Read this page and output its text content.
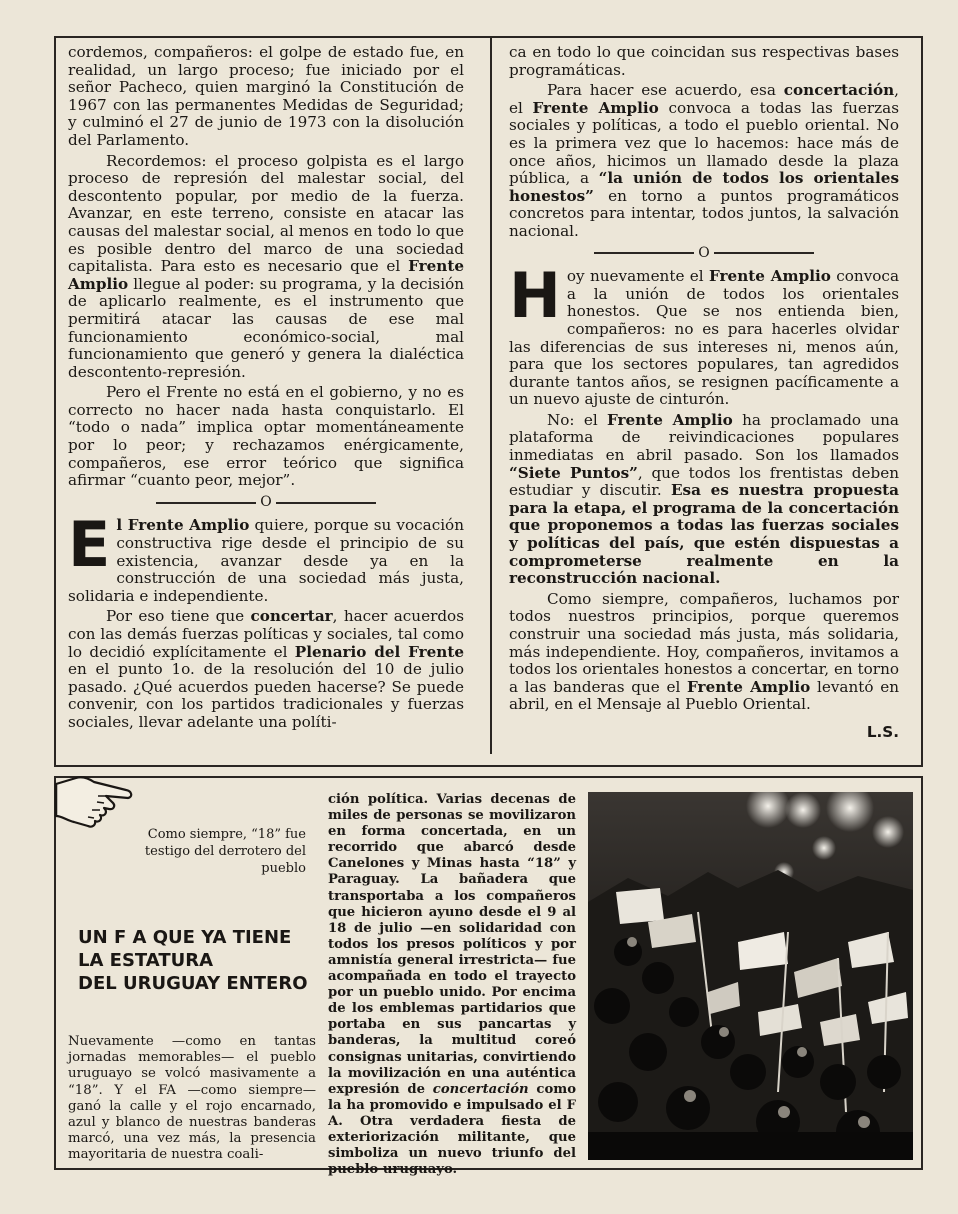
cordemos, compañeros: el golpe de estado fue, en realidad, un largo proceso; fue iniciado por el señor Pacheco, quien marginó la Constitución de 1967 con las permanentes Medidas de Seguridad; y culminó el 27 de junio de 1973 con la disolución del Parlamento.

Recordemos: el proceso golpista es el largo proceso de represión del malestar social, del descontento popular, por medio de la fuerza. Avanzar, en este terreno, consiste en atacar las causas del malestar social, al menos en todo lo que es posible dentro del marco de una sociedad capitalista. Para esto es necesario que el Frente Amplio llegue al poder: su programa, y la decisión de aplicarlo realmente, es el instrumento que permitirá atacar las causas de ese mal funcionamiento económico-social, mal funcionamiento que generó y genera la dialéctica descontento-represión.

Pero el Frente no está en el gobierno, y no es correcto no hacer nada hasta conquistarlo. El “todo o nada” implica optar momentáneamente por lo peor; y rechazamos enérgicamente, compañeros, ese error teórico que significa afirmar “cuanto peor, mejor”.

O

El Frente Amplio quiere, porque su vocación constructiva rige desde el principio de su existencia, avanzar desde ya en la construcción de una sociedad más justa, solidaria e independiente.

Por eso tiene que concertar, hacer acuerdos con las demás fuerzas políticas y sociales, tal como lo decidió explícitamente el Plenario del Frente en el punto 1o. de la resolución del 10 de julio pasado. ¿Qué acuerdos pueden hacerse? Se puede convenir, con los partidos tradicionales y fuerzas sociales, llevar adelante una políti-

ca en todo lo que coincidan sus respectivas bases programáticas.

Para hacer ese acuerdo, esa concertación, el Frente Amplio convoca a todas las fuerzas sociales y políticas, a todo el pueblo oriental. No es la primera vez que lo hacemos: hace más de once años, hicimos un llamado desde la plaza pública, a “la unión de todos los orientales honestos” en torno a puntos programáticos concretos para intentar, todos juntos, la salvación nacional.

O

Hoy nuevamente el Frente Amplio convoca a la unión de todos los orientales honestos. Que se nos entienda bien, compañeros: no es para hacerles olvidar las diferencias de sus intereses ni, menos aún, para que los sectores populares, tan agredidos durante tantos años, se resignen pacíficamente a un nuevo ajuste de cinturón.

No: el Frente Amplio ha proclamado una plataforma de reivindicaciones populares inmediatas en abril pasado. Son los llamados “Siete Puntos”, que todos los frentistas deben estudiar y discutir. Esa es nuestra propuesta para la etapa, el programa de la concertación que proponemos a todas las fuerzas sociales y políticas del país, que estén dispuestas a comprometerse realmente en la reconstrucción nacional.

Como siempre, compañeros, luchamos por todos nuestros principios, porque queremos construir una sociedad más justa, más solidaria, más independiente. Hoy, compañeros, invitamos a todos los orientales honestos a concertar, en torno a las banderas que el Frente Amplio levantó en abril, en el Mensaje al Pueblo Oriental.

L.S.
Como siempre, “18” fue testigo del derrotero del pueblo
UN F A QUE YA TIENE
LA ESTATURA
DEL URUGUAY ENTERO
Nuevamente —como en tantas jornadas memorables— el pueblo uruguayo se volcó masivamente a “18”. Y el FA —como siempre— ganó la calle y el rojo encarnado, azul y blanco de nuestras banderas marcó, una vez más, la presencia mayoritaria de nuestra coali-
ción política. Varias decenas de miles de personas se movilizaron en forma concertada, en un recorrido que abarcó desde Canelones y Minas hasta “18” y Paraguay. La bañadera que transportaba a los compañeros que hicieron ayuno desde el 9 al 18 de julio —en solidaridad con todos los presos políticos y por amnistía general irrestricta— fue acompañada en todo el trayecto por un pueblo unido. Por encima de los emblemas partidarios que portaba en sus pancartas y banderas, la multitud coreó consignas unitarias, convirtiendo la movilización en una auténtica expresión de concertación como la ha promovido e impulsado el F A. Otra verdadera fiesta de exteriorización militante, que simboliza un nuevo triunfo del pueblo uruguayo.
